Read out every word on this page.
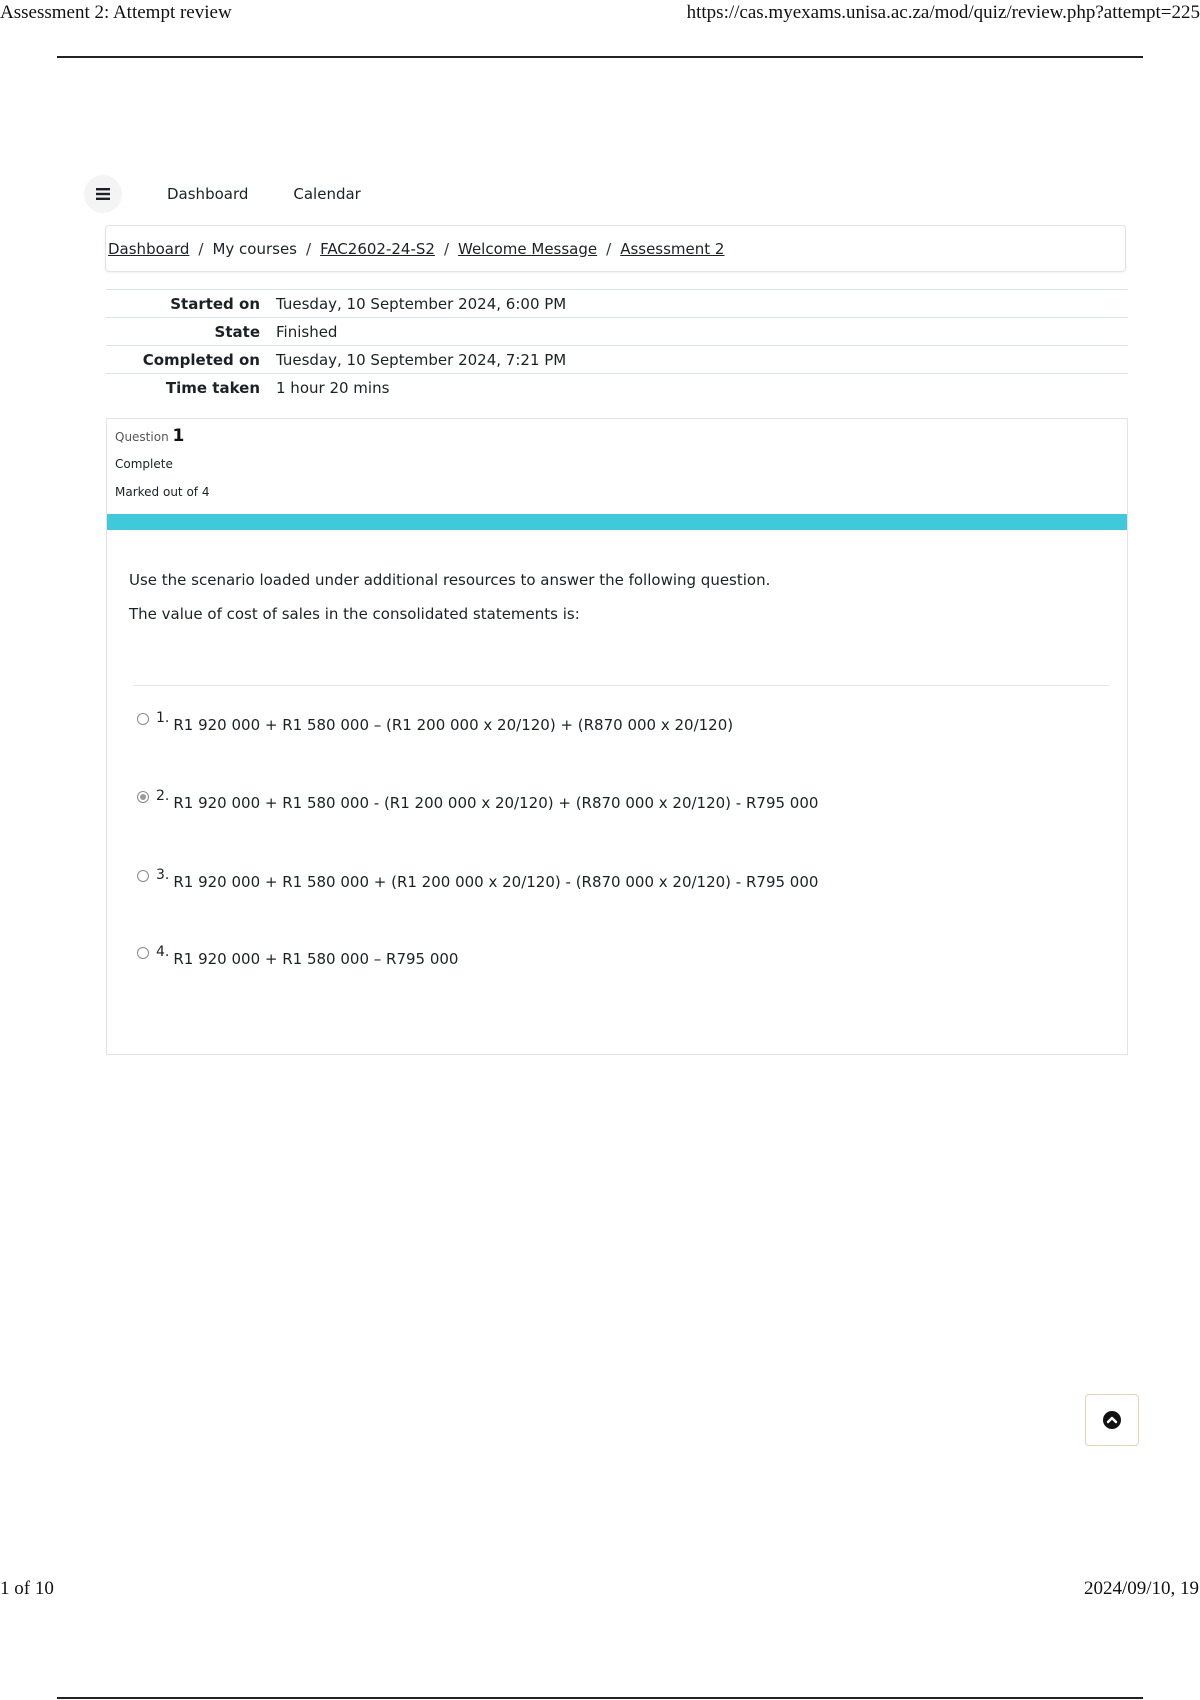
Assessment 2: Attempt review	https://cas.myexams.unisa.ac.za/mod/quiz/review.php?attempt=225
Dashboard	Calendar
Dashboard / My courses / FAC2602-24-S2 / Welcome Message / Assessment 2
Started on	Tuesday, 10 September 2024, 6:00 PM
State	Finished
Completed on	Tuesday, 10 September 2024, 7:21 PM
Time taken	1 hour 20 mins
Question 1
Complete
Marked out of 4
Use the scenario loaded under additional resources to answer the following question.
The value of cost of sales in the consolidated statements is:
1. R1 920 000 + R1 580 000 – (R1 200 000 x 20/120) + (R870 000 x 20/120)
2. R1 920 000 + R1 580 000 - (R1 200 000 x 20/120) + (R870 000 x 20/120) - R795 000
3. R1 920 000 + R1 580 000 + (R1 200 000 x 20/120) - (R870 000 x 20/120) - R795 000
4. R1 920 000 + R1 580 000 – R795 000
1 of 10	2024/09/10, 19
